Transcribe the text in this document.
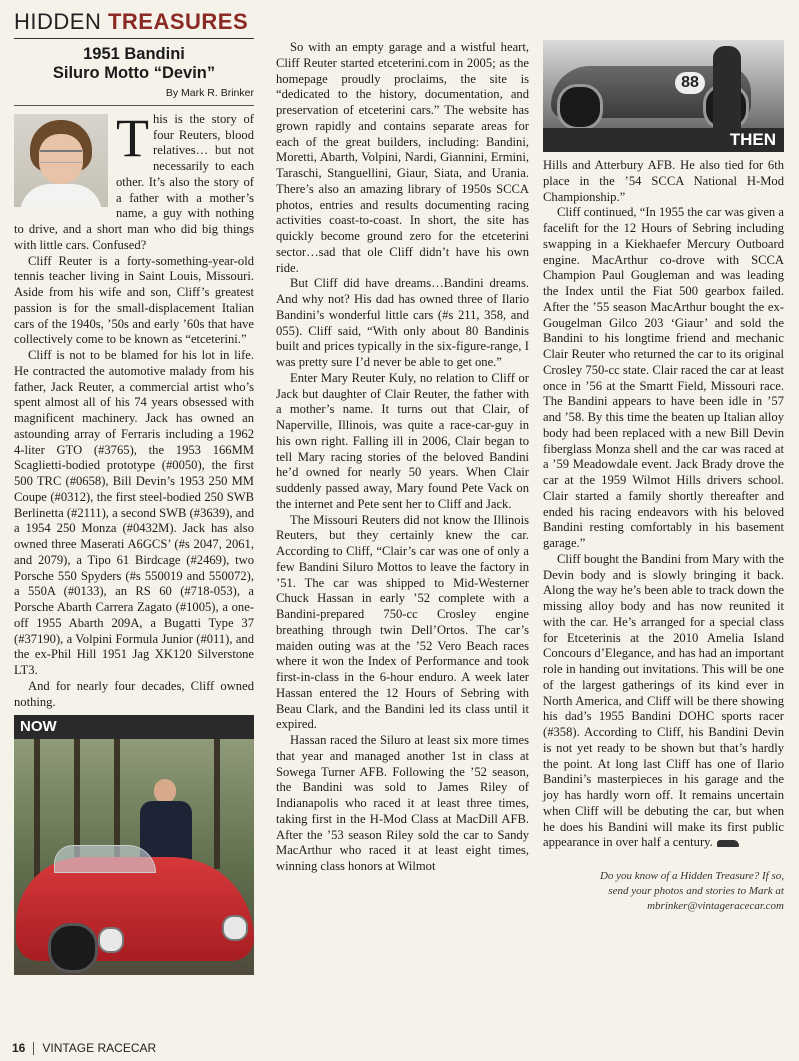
HIDDEN TREASURES
1951 Bandini
Siluro Motto “Devin”
By Mark R. Brinker

This is the story of four Reuters, blood relatives… but not necessarily to each other. It’s also the story of a father with a mother’s name, a guy with nothing to drive, and a short man who did big things with little cars. Confused?

Cliff Reuter is a forty-something-year-old tennis teacher living in Saint Louis, Missouri. Aside from his wife and son, Cliff’s greatest passion is for the small-displacement Italian cars of the 1940s, ’50s and early ’60s that have collectively come to be known as “etceterini.”

Cliff is not to be blamed for his lot in life. He contracted the automotive malady from his father, Jack Reuter, a commercial artist who’s spent almost all of his 74 years obsessed with magnificent machinery. Jack has owned an astounding array of Ferraris including a 1962 4-liter GTO (#3765), the 1953 166MM Scaglietti-bodied prototype (#0050), the first 500 TRC (#0658), Bill Devin’s 1953 250 MM Coupe (#0312), the first steel-bodied 250 SWB Berlinetta (#2111), a second SWB (#3639), and a 1954 250 Monza (#0432M). Jack has also owned three Maserati A6GCS’ (#s 2047, 2061, and 2079), a Tipo 61 Birdcage (#2469), two Porsche 550 Spyders (#s 550019 and 550072), a 550A (#0133), an RS 60 (#718-053), a Porsche Abarth Carrera Zagato (#1005), a one-off 1955 Abarth 209A, a Bugatti Type 37 (#37190), a Volpini Formula Junior (#011), and the ex-Phil Hill 1951 Jag XK120 Silverstone LT3.

And for nearly four decades, Cliff owned nothing.

NOW

So with an empty garage and a wistful heart, Cliff Reuter started etceterini.com in 2005; as the homepage proudly proclaims, the site is “dedicated to the history, documentation, and preservation of etceterini cars.” The website has grown rapidly and contains separate areas for each of the great builders, including: Bandini, Moretti, Abarth, Volpini, Nardi, Giannini, Ermini, Taraschi, Stanguellini, Giaur, Siata, and Urania. There’s also an amazing library of 1950s SCCA photos, entries and results documenting racing activities coast-to-coast. In short, the site has quickly become ground zero for the etceterini sector…sad that ole Cliff didn’t have his own ride.

But Cliff did have dreams…Bandini dreams. And why not? His dad has owned three of Ilario Bandini’s wonderful little cars (#s 211, 358, and 055). Cliff said, “With only about 80 Bandinis built and prices typically in the six-figure-range, I was pretty sure I’d never be able to get one.”

Enter Mary Reuter Kuly, no relation to Cliff or Jack but daughter of Clair Reuter, the father with a mother’s name. It turns out that Clair, of Naperville, Illinois, was quite a race-car-guy in his own right. Falling ill in 2006, Clair began to tell Mary racing stories of the beloved Bandini he’d owned for nearly 50 years. When Clair suddenly passed away, Mary found Pete Vack on the internet and Pete sent her to Cliff and Jack.

The Missouri Reuters did not know the Illinois Reuters, but they certainly knew the car. According to Cliff, “Clair’s car was one of only a few Bandini Siluro Mottos to leave the factory in ’51. The car was shipped to Mid-Westerner Chuck Hassan in early ’52 complete with a Bandini-prepared 750-cc Crosley engine breathing through twin Dell’Ortos. The car’s maiden outing was at the ’52 Vero Beach races where it won the Index of Performance and took first-in-class in the 6-hour enduro. A week later Hassan entered the 12 Hours of Sebring with Beau Clark, and the Bandini led its class until it expired.

Hassan raced the Siluro at least six more times that year and managed another 1st in class at Sowega Turner AFB. Following the ’52 season, the Bandini was sold to James Riley of Indianapolis who raced it at least three times, taking first in the H-Mod Class at MacDill AFB. After the ’53 season Riley sold the car to Sandy MacArthur who raced it at least eight times, winning class honors at Wilmot

88
THEN

Hills and Atterbury AFB. He also tied for 6th place in the ’54 SCCA National H-Mod Championship.”

Cliff continued, “In 1955 the car was given a facelift for the 12 Hours of Sebring including swapping in a Kiekhaefer Mercury Outboard engine. MacArthur co-drove with SCCA Champion Paul Gougleman and was leading the Index until the Fiat 500 gearbox failed. After the ’55 season MacArthur bought the ex-Gougelman Gilco 203 ‘Giaur’ and sold the Bandini to his longtime friend and mechanic Clair Reuter who returned the car to its original Crosley 750-cc state. Clair raced the car at least once in ’56 at the Smartt Field, Missouri race. The Bandini appears to have been idle in ’57 and ’58. By this time the beaten up Italian alloy body had been replaced with a new Bill Devin fiberglass Monza shell and the car was raced at a ’59 Meadowdale event. Jack Brady drove the car at the 1959 Wilmot Hills drivers school. Clair started a family shortly thereafter and ended his racing endeavors with his beloved Bandini resting comfortably in his basement garage.”

Cliff bought the Bandini from Mary with the Devin body and is slowly bringing it back. Along the way he’s been able to track down the missing alloy body and has now reunited it with the car. He’s arranged for a special class for Etceterinis at the 2010 Amelia Island Concours d’Elegance, and has had an important role in handing out invitations. This will be one of the largest gatherings of its kind ever in North America, and Cliff will be there showing his dad’s 1955 Bandini DOHC sports racer (#358). According to Cliff, his Bandini Devin is not yet ready to be shown but that’s hardly the point. At long last Cliff has one of Ilario Bandini’s masterpieces in his garage and the joy has hardly worn off. It remains uncertain when Cliff will be debuting the car, but when he does his Bandini will make its first public appearance in over half a century.

Do you know of a Hidden Treasure? If so,
send your photos and stories to Mark at
mbrinker@vintageracecar.com
16 VINTAGE RACECAR
